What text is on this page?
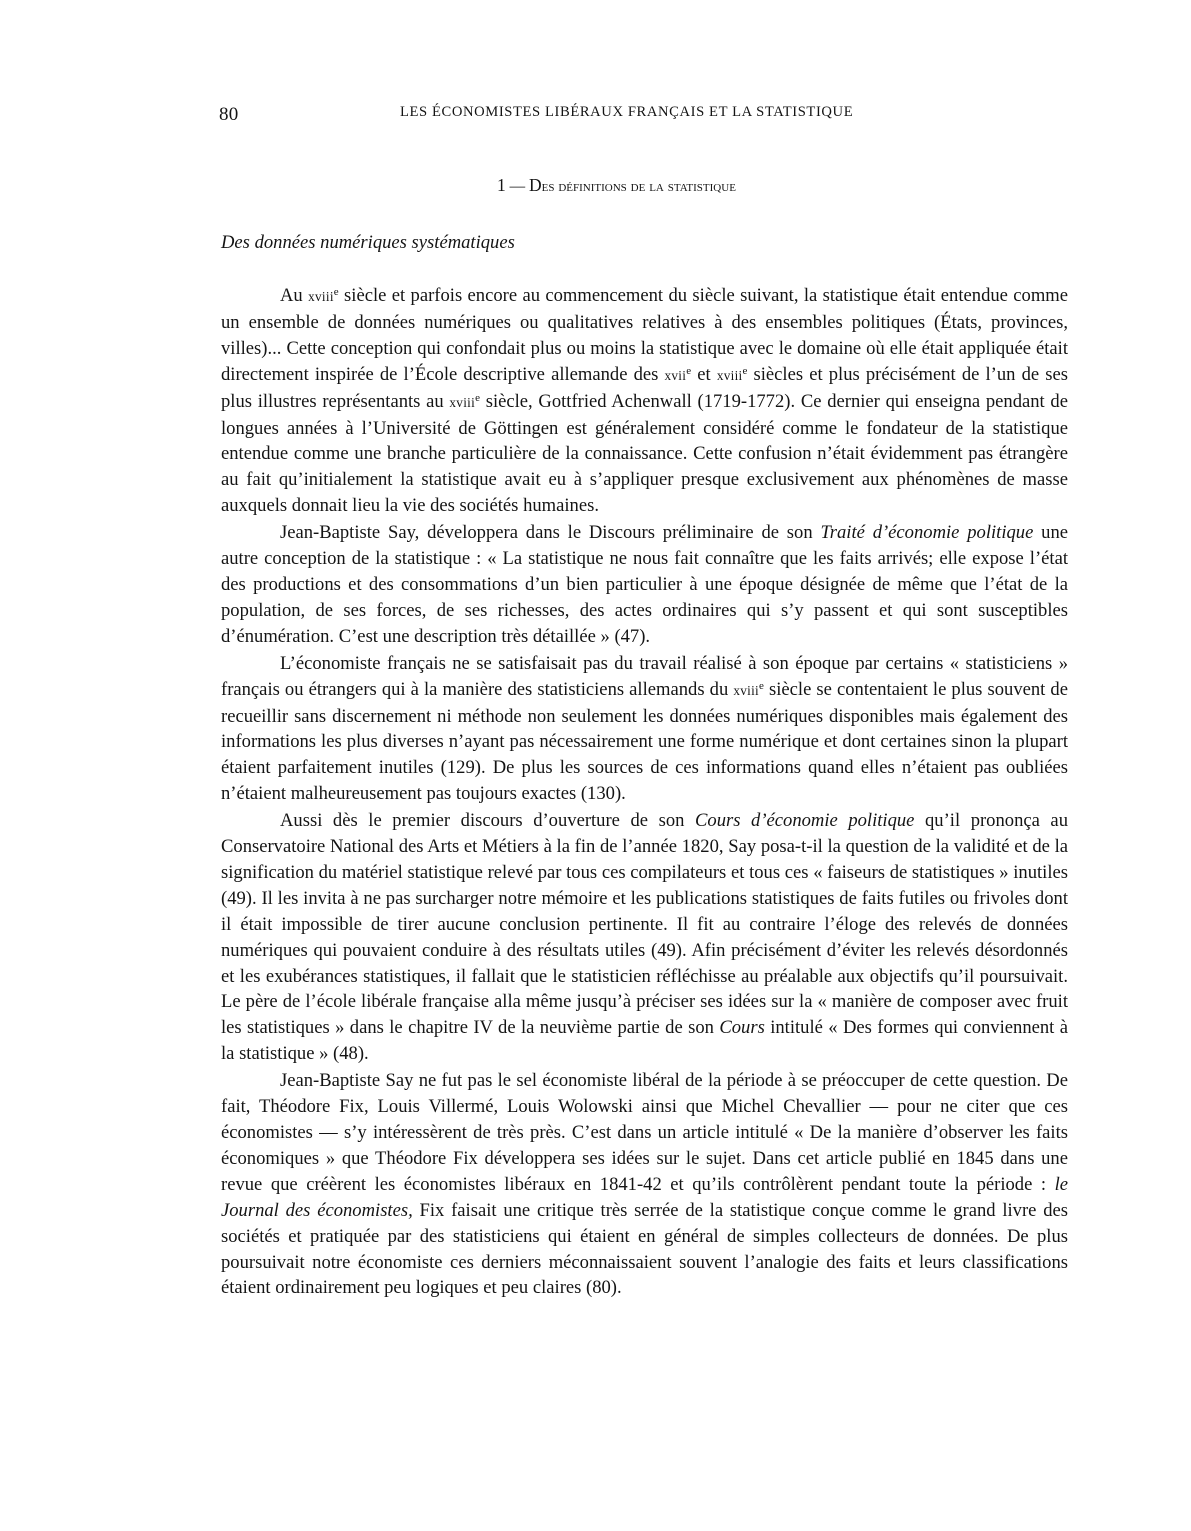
80	LES ÉCONOMISTES LIBÉRAUX FRANÇAIS ET LA STATISTIQUE
1 — Des définitions de la statistique
Des données numériques systématiques

Au xviii$^e$ siècle et parfois encore au commencement du siècle suivant, la statistique était entendue comme un ensemble de données numériques ou qualitatives relatives à des ensembles politiques (États, provinces, villes)... Cette conception qui confondait plus ou moins la statistique avec le domaine où elle était appliquée était directement inspirée de l’École descriptive allemande des xvii$^e$ et xviii$^e$ siècles et plus précisément de l’un de ses plus illustres représentants au xviii$^e$ siècle, Gottfried Achenwall (1719-1772). Ce dernier qui enseigna pendant de longues années à l’Université de Göttingen est généralement considéré comme le fondateur de la statistique entendue comme une branche particulière de la connaissance. Cette confusion n’était évidemment pas étrangère au fait qu’initialement la statistique avait eu à s’appliquer presque exclusivement aux phénomènes de masse auxquels donnait lieu la vie des sociétés humaines.

Jean-Baptiste Say, développera dans le Discours préliminaire de son Traité d’économie politique une autre conception de la statistique : « La statistique ne nous fait connaître que les faits arrivés; elle expose l’état des productions et des consommations d’un bien particulier à une époque désignée de même que l’état de la population, de ses forces, de ses richesses, des actes ordinaires qui s’y passent et qui sont susceptibles d’énumération. C’est une description très détaillée » (47).

L’économiste français ne se satisfaisait pas du travail réalisé à son époque par certains « statisticiens » français ou étrangers qui à la manière des statisticiens allemands du xviii$^e$ siècle se contentaient le plus souvent de recueillir sans discernement ni méthode non seulement les données numériques disponibles mais également des informations les plus diverses n’ayant pas nécessairement une forme numérique et dont certaines sinon la plupart étaient parfaitement inutiles (129). De plus les sources de ces informations quand elles n’étaient pas oubliées n’étaient malheureusement pas toujours exactes (130).

Aussi dès le premier discours d’ouverture de son Cours d’économie politique qu’il prononça au Conservatoire National des Arts et Métiers à la fin de l’année 1820, Say posa-t-il la question de la validité et de la signification du matériel statistique relevé par tous ces compilateurs et tous ces « faiseurs de statistiques » inutiles (49). Il les invita à ne pas surcharger notre mémoire et les publications statistiques de faits futiles ou frivoles dont il était impossible de tirer aucune conclusion pertinente. Il fit au contraire l’éloge des relevés de données numériques qui pouvaient conduire à des résultats utiles (49). Afin précisément d’éviter les relevés désordonnés et les exubérances statistiques, il fallait que le statisticien réfléchisse au préalable aux objectifs qu’il poursuivait. Le père de l’école libérale française alla même jusqu’à préciser ses idées sur la « manière de composer avec fruit les statistiques » dans le chapitre IV de la neuvième partie de son Cours intitulé « Des formes qui conviennent à la statistique » (48).

Jean-Baptiste Say ne fut pas le sel économiste libéral de la période à se préoccuper de cette question. De fait, Théodore Fix, Louis Villermé, Louis Wolowski ainsi que Michel Chevallier — pour ne citer que ces économistes — s’y intéressèrent de très près. C’est dans un article intitulé « De la manière d’observer les faits économiques » que Théodore Fix développera ses idées sur le sujet. Dans cet article publié en 1845 dans une revue que créèrent les économistes libéraux en 1841-42 et qu’ils contrôlèrent pendant toute la période : le Journal des économistes, Fix faisait une critique très serrée de la statistique conçue comme le grand livre des sociétés et pratiquée par des statisticiens qui étaient en général de simples collecteurs de données. De plus poursuivait notre économiste ces derniers méconnaissaient souvent l’analogie des faits et leurs classifications étaient ordinairement peu logiques et peu claires (80).
